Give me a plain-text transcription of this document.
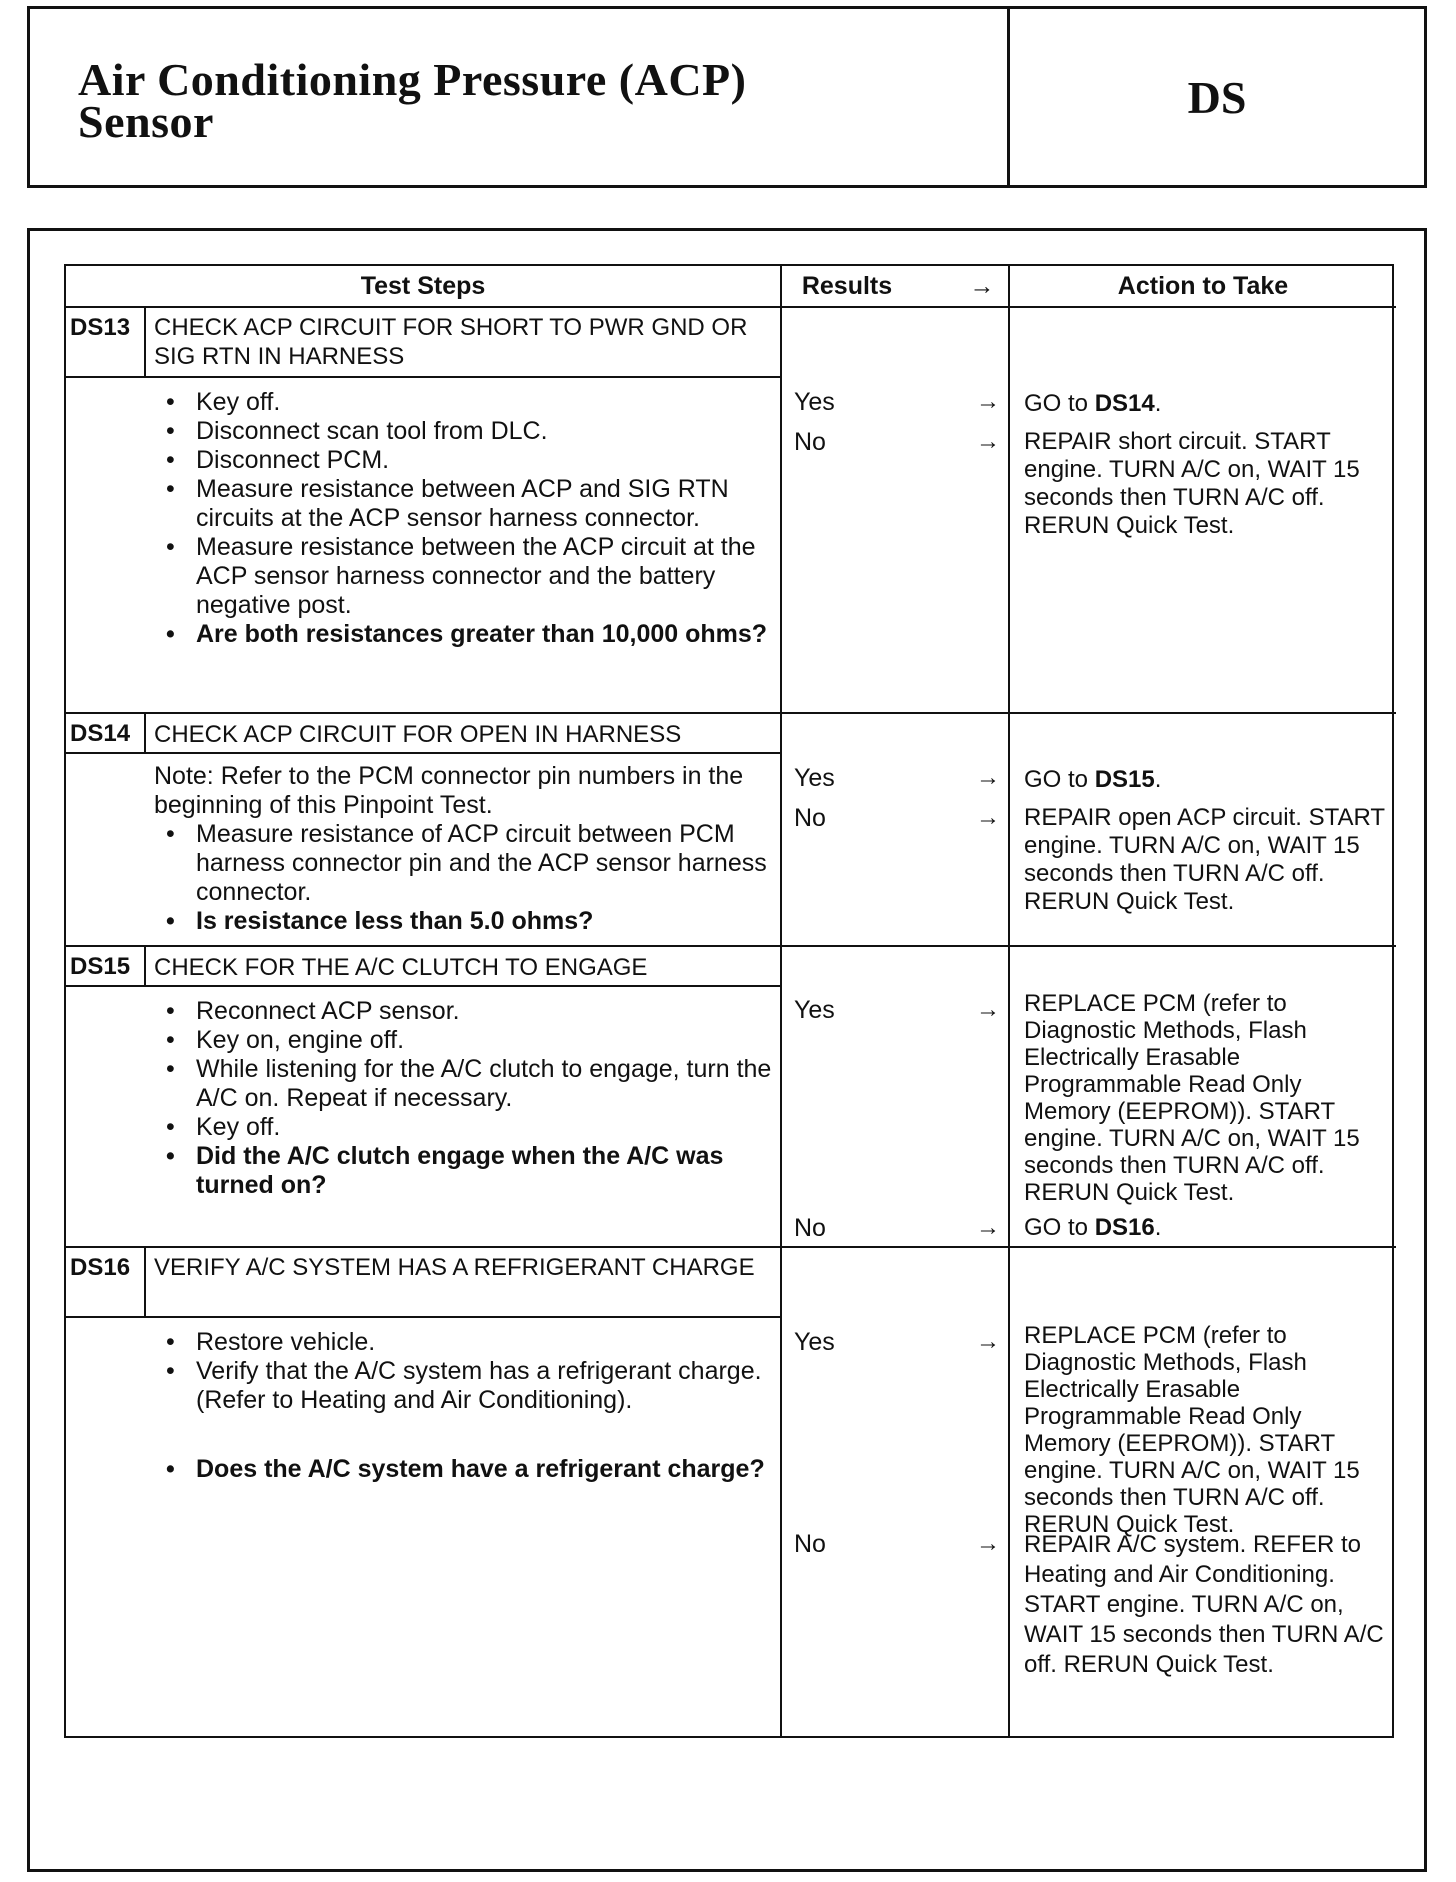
Air Conditioning Pressure (ACP)
Sensor	DS
Test Steps	Results	→	Action to Take
DS13 CHECK ACP CIRCUIT FOR SHORT TO PWR GND OR SIG RTN IN HARNESS
• Key off.
• Disconnect scan tool from DLC.
• Disconnect PCM.
• Measure resistance between ACP and SIG RTN circuits at the ACP sensor harness connector.
• Measure resistance between the ACP circuit at the ACP sensor harness connector and the battery negative post.
• Are both resistances greater than 10,000 ohms?
Yes	→ GO to DS14.
No	→ REPAIR short circuit. START engine. TURN A/C on, WAIT 15 seconds then TURN A/C off. RERUN Quick Test.
DS14 CHECK ACP CIRCUIT FOR OPEN IN HARNESS
Note: Refer to the PCM connector pin numbers in the beginning of this Pinpoint Test.
• Measure resistance of ACP circuit between PCM harness connector pin and the ACP sensor harness connector.
• Is resistance less than 5.0 ohms?
Yes	→ GO to DS15.
No	→ REPAIR open ACP circuit. START engine. TURN A/C on, WAIT 15 seconds then TURN A/C off. RERUN Quick Test.
DS15 CHECK FOR THE A/C CLUTCH TO ENGAGE
• Reconnect ACP sensor.
• Key on, engine off.
• While listening for the A/C clutch to engage, turn the A/C on. Repeat if necessary.
• Key off.
• Did the A/C clutch engage when the A/C was turned on?
Yes	→ REPLACE PCM (refer to Diagnostic Methods, Flash Electrically Erasable Programmable Read Only Memory (EEPROM)). START engine. TURN A/C on, WAIT 15 seconds then TURN A/C off. RERUN Quick Test.
No	→ GO to DS16.
DS16 VERIFY A/C SYSTEM HAS A REFRIGERANT CHARGE
• Restore vehicle.
• Verify that the A/C system has a refrigerant charge. (Refer to Heating and Air Conditioning).
• Does the A/C system have a refrigerant charge?
Yes	→ REPLACE PCM (refer to Diagnostic Methods, Flash Electrically Erasable Programmable Read Only Memory (EEPROM)). START engine. TURN A/C on, WAIT 15 seconds then TURN A/C off. RERUN Quick Test.
No	→ REPAIR A/C system. REFER to Heating and Air Conditioning. START engine. TURN A/C on, WAIT 15 seconds then TURN A/C off. RERUN Quick Test.
